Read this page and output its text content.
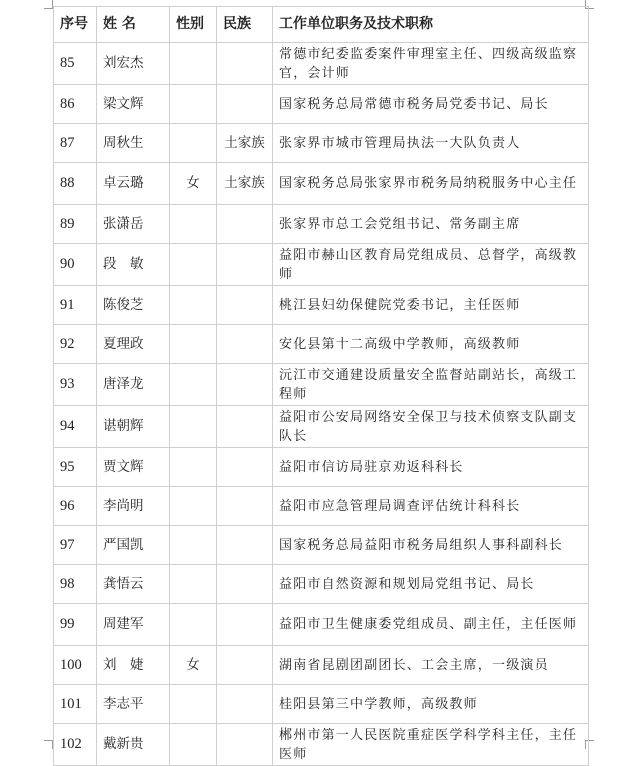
序号	姓 名	性别	民族	工作单位职务及技术职称
85	刘宏杰			常德市纪委监委案件审理室主任、四级高级监察官，会计师
86	梁文辉			国家税务总局常德市税务局党委书记、局长
87	周秋生		土家族	张家界市城市管理局执法一大队负责人
88	卓云璐	女	土家族	国家税务总局张家界市税务局纳税服务中心主任
89	张潇岳			张家界市总工会党组书记、常务副主席
90	段　敏			益阳市赫山区教育局党组成员、总督学，高级教师
91	陈俊芝			桃江县妇幼保健院党委书记，主任医师
92	夏理政			安化县第十二高级中学教师，高级教师
93	唐泽龙			沅江市交通建设质量安全监督站副站长，高级工程师
94	谌朝辉			益阳市公安局网络安全保卫与技术侦察支队副支队长
95	贾文辉			益阳市信访局驻京劝返科科长
96	李尚明			益阳市应急管理局调查评估统计科科长
97	严国凯			国家税务总局益阳市税务局组织人事科副科长
98	龚悟云			益阳市自然资源和规划局党组书记、局长
99	周建军			益阳市卫生健康委党组成员、副主任，主任医师
100	刘　婕	女		湖南省昆剧团副团长、工会主席，一级演员
101	李志平			桂阳县第三中学教师，高级教师
102	戴新贵			郴州市第一人民医院重症医学科学科主任，主任医师
